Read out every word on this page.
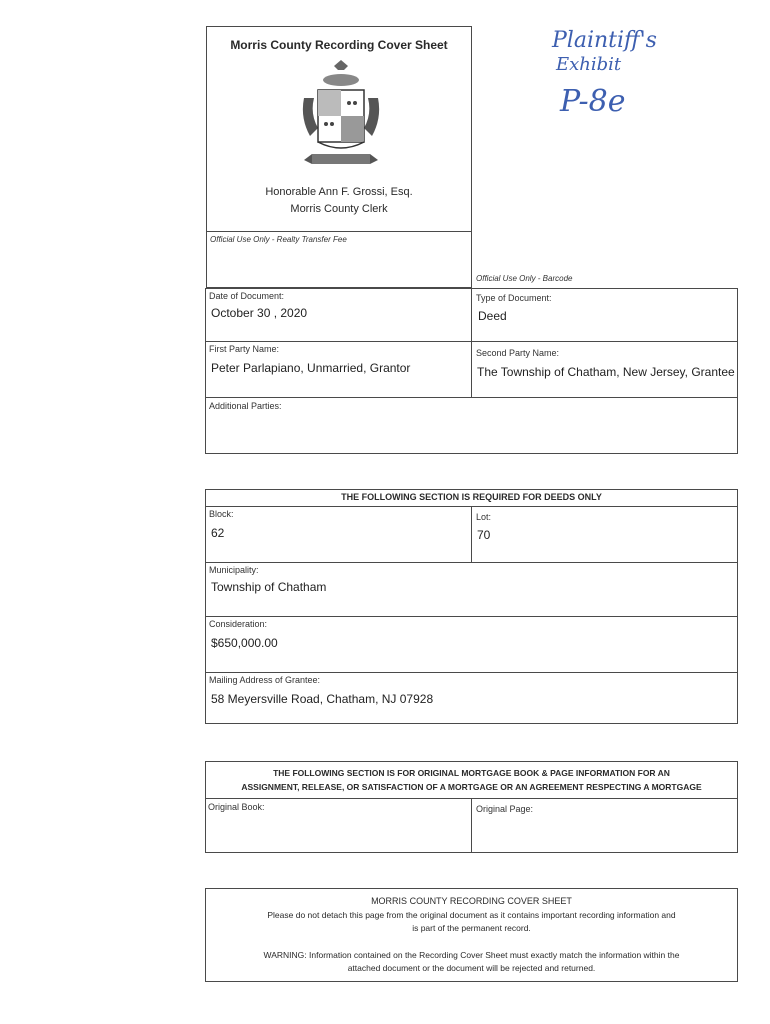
Morris County Recording Cover Sheet
Honorable Ann F. Grossi, Esq.
Morris County Clerk
Plaintiff's
Exhibit
P-8e
Official Use Only - Realty Transfer Fee
Official Use Only - Barcode
Date of Document:
October 30 , 2020
Type of Document:
Deed
First Party Name:
Peter Parlapiano, Unmarried, Grantor
Second Party Name:
The Township of Chatham, New Jersey, Grantee
Additional Parties:
THE FOLLOWING SECTION IS REQUIRED FOR DEEDS ONLY
Block:
62
Lot:
70
Municipality:
Township of Chatham
Consideration:
$650,000.00
Mailing Address of Grantee:
58 Meyersville Road, Chatham, NJ 07928
THE FOLLOWING SECTION IS FOR ORIGINAL MORTGAGE BOOK & PAGE INFORMATION FOR AN
ASSIGNMENT, RELEASE, OR SATISFACTION OF A MORTGAGE OR AN AGREEMENT RESPECTING A MORTGAGE
Original Book:	Original Page:
MORRIS COUNTY RECORDING COVER SHEET
Please do not detach this page from the original document as it contains important recording information and
is part of the permanent record.
WARNING: Information contained on the Recording Cover Sheet must exactly match the information within the
attached document or the document will be rejected and returned.
